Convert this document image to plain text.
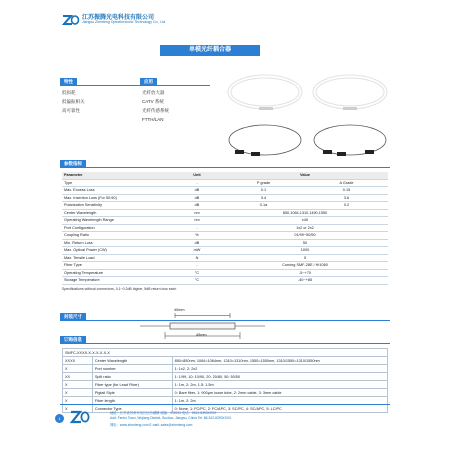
江苏振腾光电科技有限公司
Jiangsu Zhenteng Optoelectronic Technology Co., Ltd
单模光纤耦合器
特性
低损耗
低偏振相关
高可靠性
应用
光纤放大器
CATV 系统
光纤传感系统
FTTH/LAN
参数指标
Parameter	Unit	Value	
Type	-	P grade	A Grade
Max. Excess Loss	dB	0.1	0.15
Max. Insertion Loss (For 50:50)	dB	3.4	3.6
Polarization Sensitivity	dB	0.1a	0.2
Center Wavelength	nm	850,1064,1310,1490,1550	
Operating Wavelength Range	nm	±40	
Port Configuration	-	1x2 or 2x2	
Coupling Ratio	%	01/99~50/50	
Min. Return Loss	dB	50	
Max. Optical Power (CW)	mW	1000	
Max. Tensile Load	N	5	
Fiber Type	-	Corning SMF-28E / HI1060	
Operating Temperature	°C	-5~+70	
Storage Temperature	°C	-40~+85	
Specifications without connectors, 0.1~0.2dB higher, 5dB return loss each
封装尺寸
40mm
45mm
订购信息
SMFC-XXXX-X-X-X-X-X-X		
XXXX	Center Wavelength	850=850nm, 1064=1064nm, 1310=1310nm, 1550=1550nm, 1310/1550=1310/1550nm
X	Port number	1: 1x2, 2: 2x2
XX	Split ratio	1: 1/99, 10: 10/90, 20: 20/80, 50: 50/50
X	Fiber type (for Lead Fiber)	1: 1m, 2: 2m, 1.5: 1.5m
X	Pigtail Style	0: Bare fiber, 1: 900μm loose tube, 2: 2mm cable, 3: 3mm cable
X	Fiber length	1: 1m, 2: 2m
X	Connector Type	0: None, 1: FC/PC, 2: FC/APC, 3: SC/PC, 4: SC/APC, 5: LC/PC
1
地址：江苏省苏州市吴江区汾湖镇 邮编：215211 电话：0512-6393XXXX
Add: Fenhu Town, Wujiang District, Suzhou, Jiangsu, China Tel: 86-512-6393XXXX
网址：www.zhenteng.com E-mail: sales@zhenteng.com
